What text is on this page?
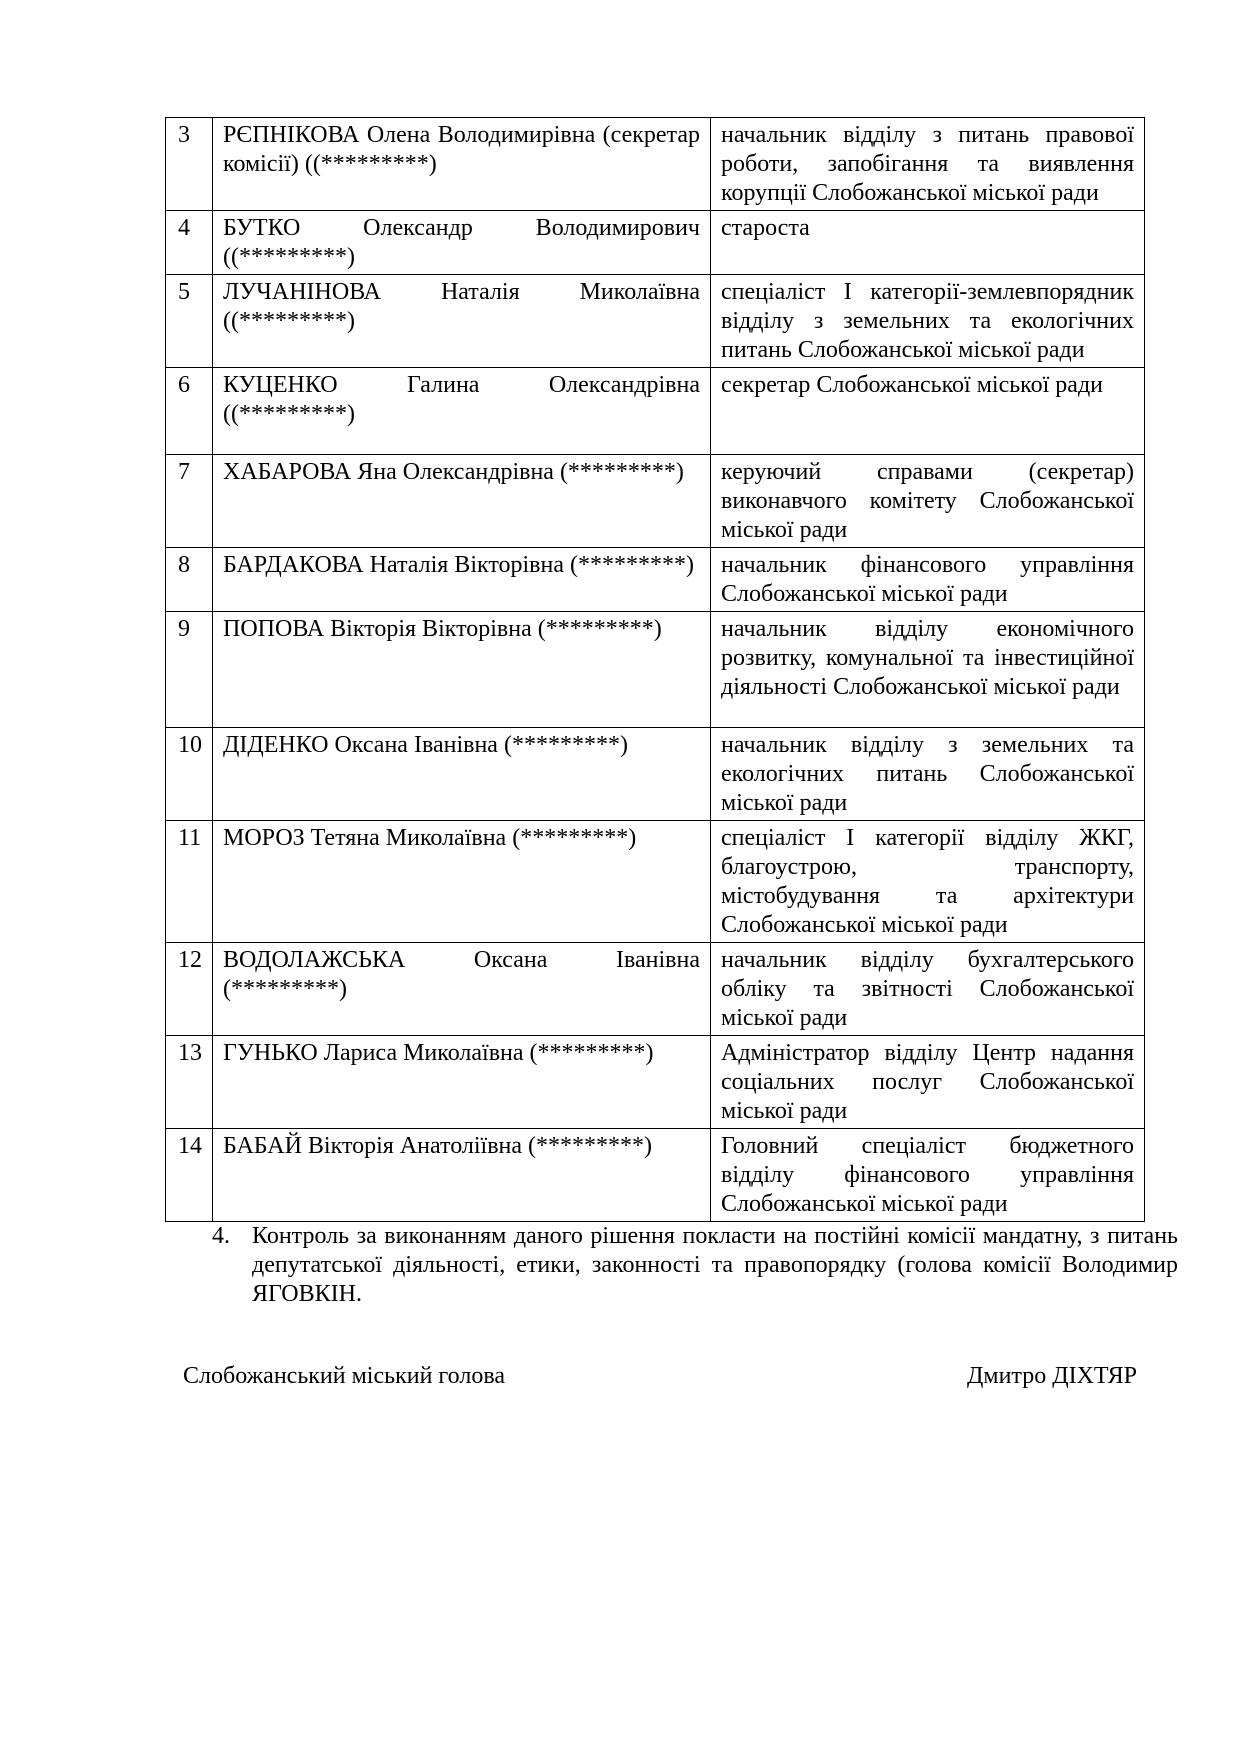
3	РЄПНІКОВА Олена Володимирівна (секретар комісії) ((*********)	начальник відділу з питань правової роботи, запобігання та виявлення корупції Слобожанської міської ради
4	БУТКО Олександр Володимирович ((*********)	староста
5	ЛУЧАНІНОВА Наталія Миколаївна ((*********)	спеціаліст І категорії-землевпорядник відділу з земельних та екологічних питань Слобожанської міської ради
6	КУЦЕНКО Галина Олександрівна ((*********)	секретар Слобожанської міської ради
7	ХАБАРОВА Яна Олександрівна (*********)	керуючий справами (секретар) виконавчого комітету Слобожанської міської ради
8	БАРДАКОВА Наталія Вікторівна (*********)	начальник фінансового управління Слобожанської міської ради
9	ПОПОВА Вікторія Вікторівна (*********)	начальник відділу економічного розвитку, комунальної та інвестиційної діяльності Слобожанської міської ради
10	ДІДЕНКО Оксана Іванівна (*********)	начальник відділу з земельних та екологічних питань Слобожанської міської ради
11	МОРОЗ Тетяна Миколаївна (*********)	спеціаліст І категорії відділу ЖКГ, благоустрою, транспорту, містобудування та архітектури Слобожанської міської ради
12	ВОДОЛАЖСЬКА Оксана Іванівна (*********)	начальник відділу бухгалтерського обліку та звітності Слобожанської міської ради
13	ГУНЬКО Лариса Миколаївна (*********)	Адміністратор відділу Центр надання соціальних послуг Слобожанської міської ради
14	БАБАЙ Вікторія Анатоліївна (*********)	Головний спеціаліст бюджетного відділу фінансового управління Слобожанської міської ради
4. Контроль за виконанням даного рішення покласти на постійні комісії мандатну, з питань депутатської діяльності, етики, законності та правопорядку (голова комісії Володимир ЯГОВКІН.
Слобожанський міський голова	Дмитро ДІХТЯР
